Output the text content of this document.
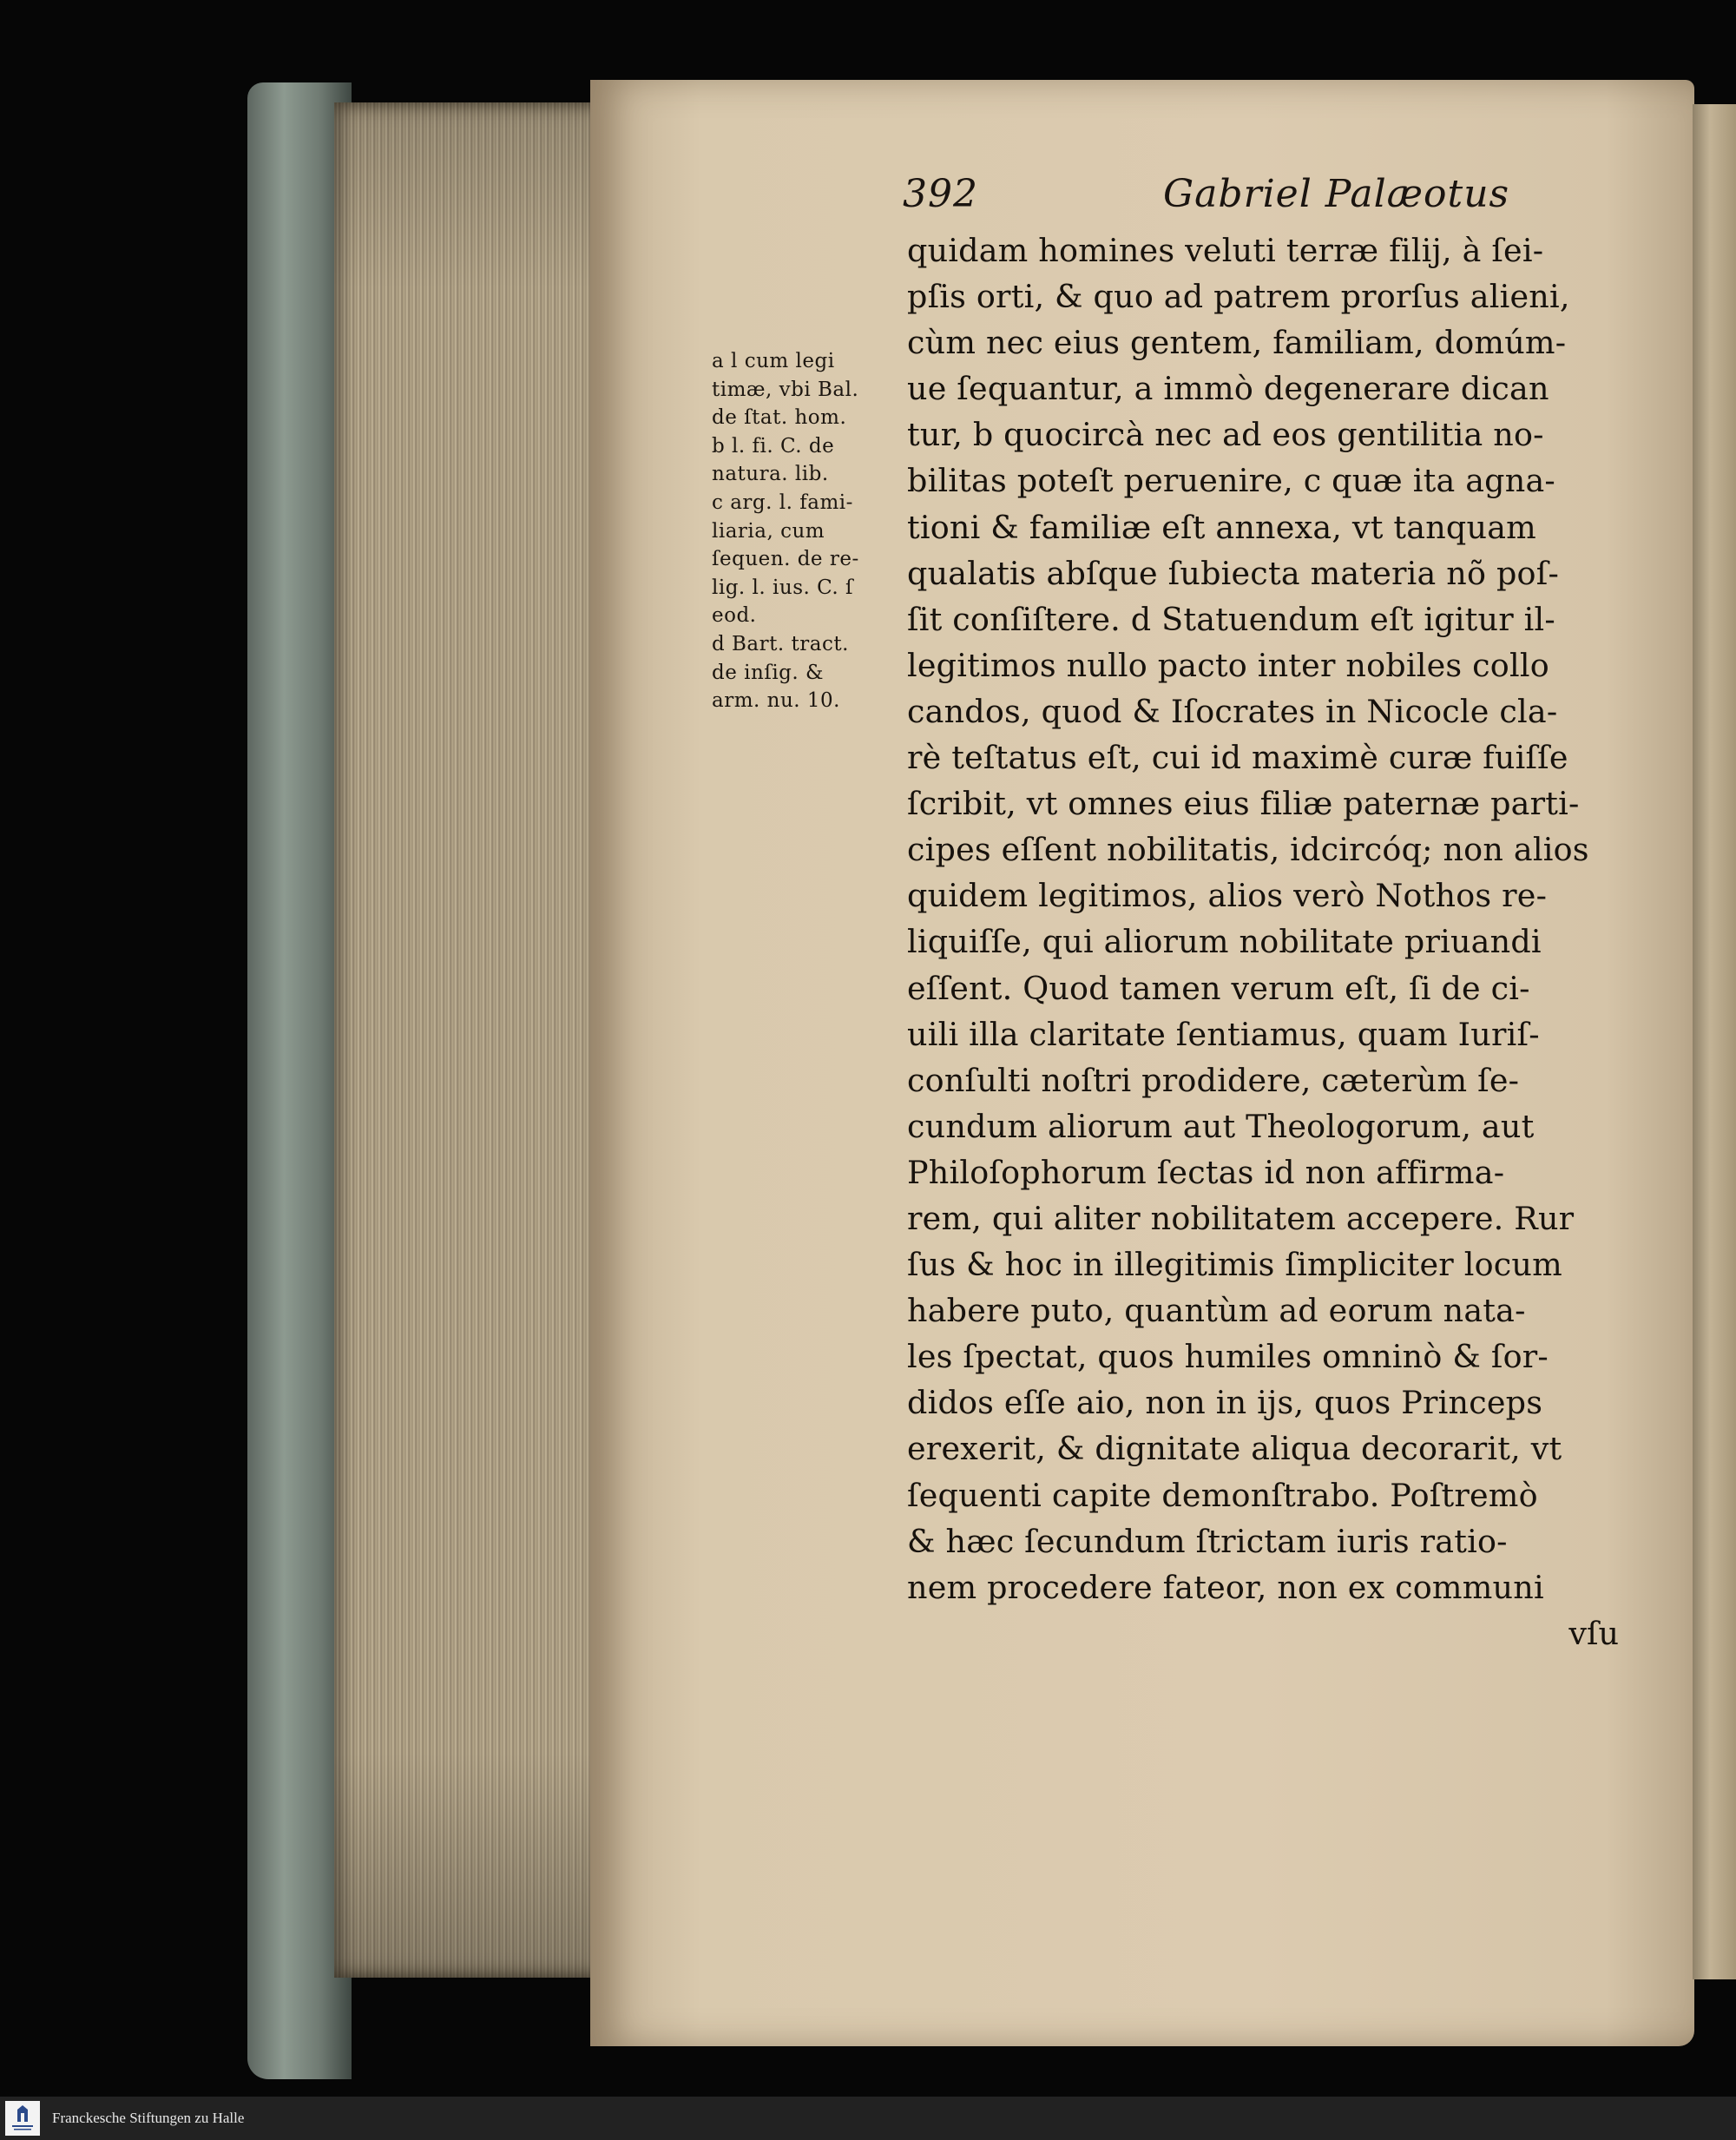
392	Gabriel Palæotus
a l cum legi
timæ, vbi Bal.
de ſtat. hom.
b l. fi. C. de
natura. lib.
c arg. l. fami-
liaria, cum
ſequen. de re-
lig. l. ius. C. ſ
eod.
d Bart. tract.
de inſig. &
arm. nu. 10.
quidam homines veluti terræ filij, à ſei-
pſis orti, & quo ad patrem prorſus alieni,
cùm nec eius gentem, familiam, domúm-
ue ſequantur, a immò degenerare dican
tur, b quocircà nec ad eos gentilitia no-
bilitas poteſt peruenire, c quæ ita agna-
tioni & familiæ eſt annexa, vt tanquam
qualatis abſque ſubiecta materia nõ poſ-
ſit conſiſtere. d Statuendum eſt igitur il-
legitimos nullo pacto inter nobiles collo
candos, quod & Iſocrates in Nicocle cla-
rè teſtatus eſt, cui id maximè curæ fuiſſe
ſcribit, vt omnes eius filiæ paternæ parti-
cipes eſſent nobilitatis, idcircóq; non alios
quidem legitimos, alios verò Nothos re-
liquiſſe, qui aliorum nobilitate priuandi
eſſent. Quod tamen verum eſt, ſi de ci-
uili illa claritate ſentiamus, quam Iuriſ-
conſulti noſtri prodidere, cæterùm ſe-
cundum aliorum aut Theologorum, aut
Philoſophorum ſectas id non affirma-
rem, qui aliter nobilitatem accepere. Rur
ſus & hoc in illegitimis ſimpliciter locum
habere puto, quantùm ad eorum nata-
les ſpectat, quos humiles omninò & ſor-
didos eſſe aio, non in ijs, quos Princeps
erexerit, & dignitate aliqua decorarit, vt
ſequenti capite demonſtrabo. Poſtremò
& hæc ſecundum ſtrictam iuris ratio-
nem procedere fateor, non ex communi
vſu
Franckesche Stiftungen zu Halle
